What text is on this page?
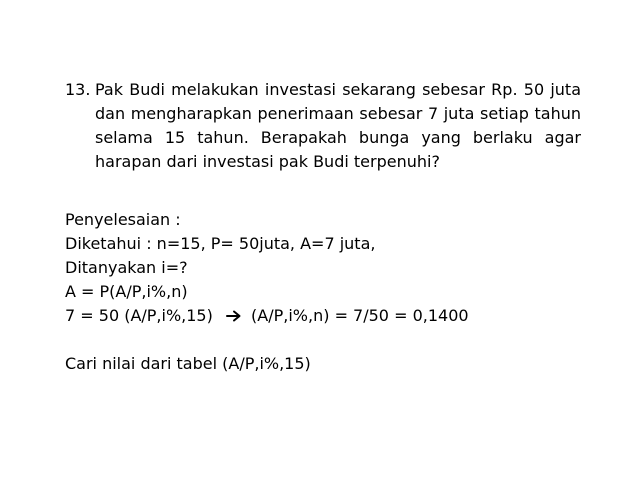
13. Pak Budi melakukan investasi sekarang sebesar Rp. 50 juta dan mengharapkan penerimaan sebesar 7 juta setiap tahun selama 15 tahun. Berapakah bunga yang berlaku agar harapan dari investasi pak Budi terpenuhi?
Penyelesaian :
Diketahui : n=15, P= 50juta, A=7 juta,
Ditanyakan i=?
A = P(A/P,i%,n)
7 = 50 (A/P,i%,15) (A/P,i%,n) = 7/50 = 0,1400
Cari nilai dari tabel (A/P,i%,15)
